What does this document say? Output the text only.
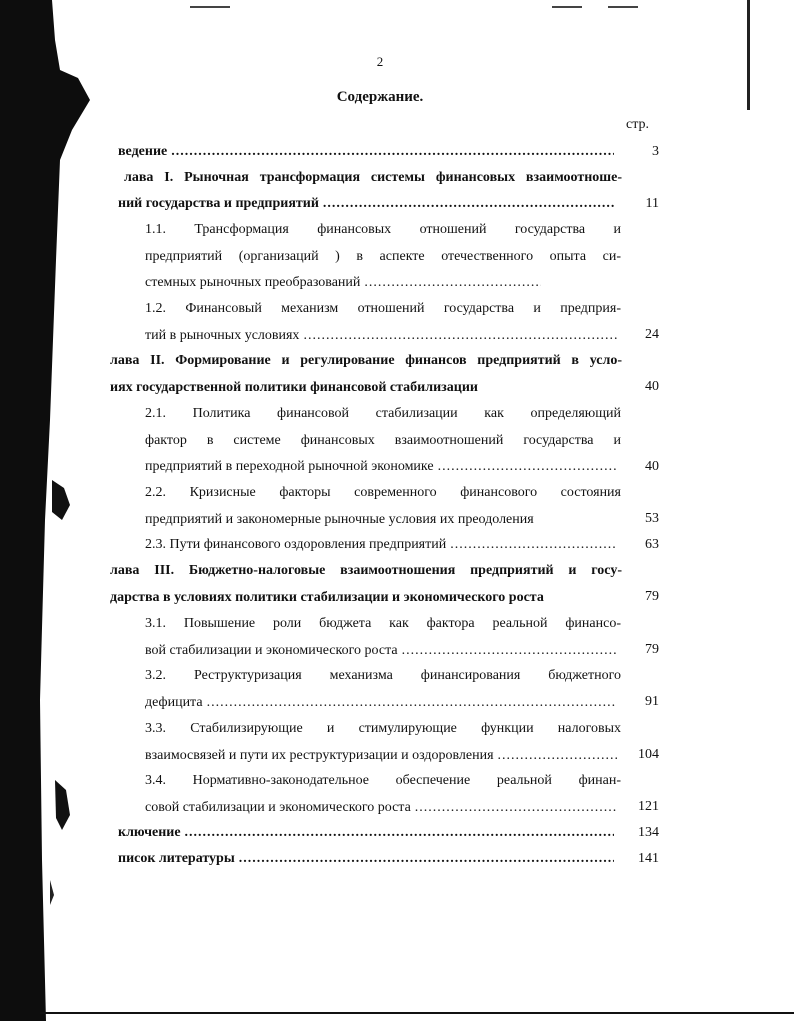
2
Содержание.
стр.
ведение .....	3
лава I. Рыночная трансформация системы финансовых взаимоотноше-
ний государства и предприятий .....	11
1.1. Трансформация финансовых отношений государства и
предприятий (организаций ) в аспекте отечественного опыта си-
стемных рыночных преобразований
.....
1.2. Финансовый механизм отношений государства и предприя-
тий в рыночных условиях .....	24
лава II. Формирование и регулирование финансов предприятий в усло-
иях государственной политики финансовой стабилизации	40
2.1. Политика финансовой стабилизации как определяющий
фактор в системе финансовых взаимоотношений государства и
предприятий в переходной рыночной экономике .....	40
2.2. Кризисные факторы современного финансового состояния
предприятий и закономерные рыночные условия их преодоления	53
2.3. Пути финансового оздоровления предприятий .....	63
лава III. Бюджетно-налоговые взаимоотношения предприятий и госу-
дарства в условиях политики стабилизации и экономического роста	79
3.1. Повышение роли бюджета как фактора реальной финансо-
вой стабилизации и экономического роста .....	79
3.2. Реструктуризация механизма финансирования бюджетного
дефицита .....	91
3.3. Стабилизирующие и стимулирующие функции налоговых
взаимосвязей и пути их реструктуризации и оздоровления .....	104
3.4. Нормативно-законодательное обеспечение реальной финан-
совой стабилизации и экономического роста .....	121
ключение .....	134
писок литературы .....	141
